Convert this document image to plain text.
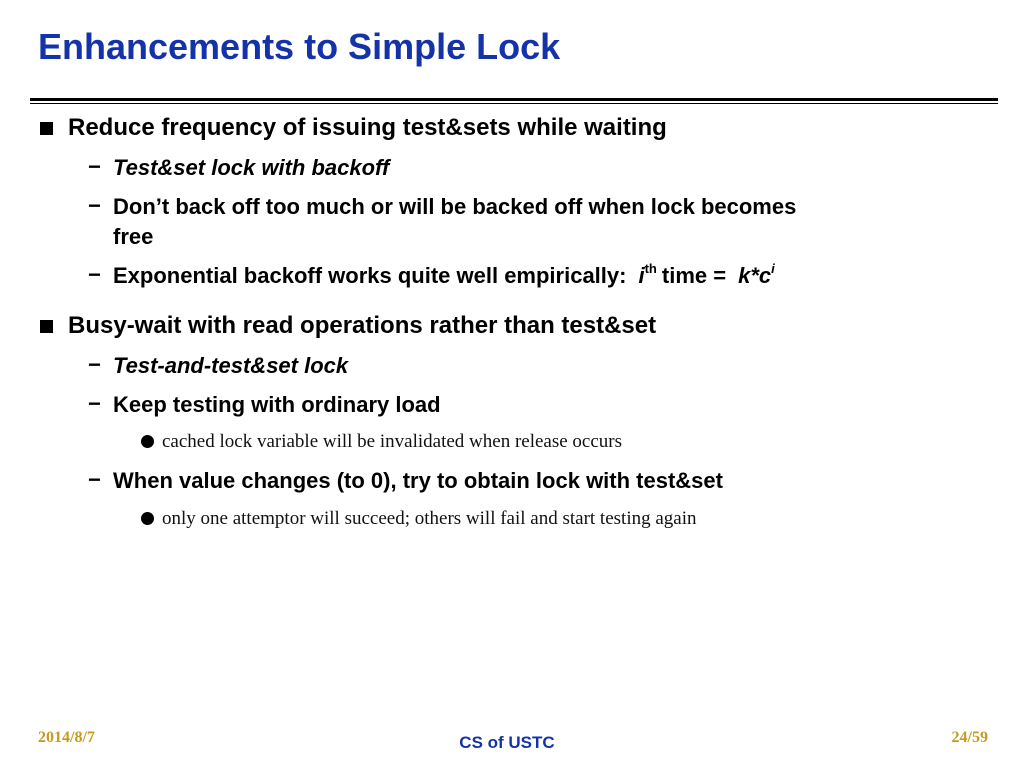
Enhancements to Simple Lock
Reduce frequency of issuing test&sets while waiting
− Test&set lock with backoff
− Don’t back off too much or will be backed off when lock becomes
free
− Exponential backoff works quite well empirically: $i^{th}$ time = $k*c^i$
Busy-wait with read operations rather than test&set
− Test-and-test&set lock
− Keep testing with ordinary load
cached lock variable will be invalidated when release occurs
− When value changes (to 0), try to obtain lock with test&set
only one attemptor will succeed; others will fail and start testing again
2014/8/7	CS of USTC	24/59
